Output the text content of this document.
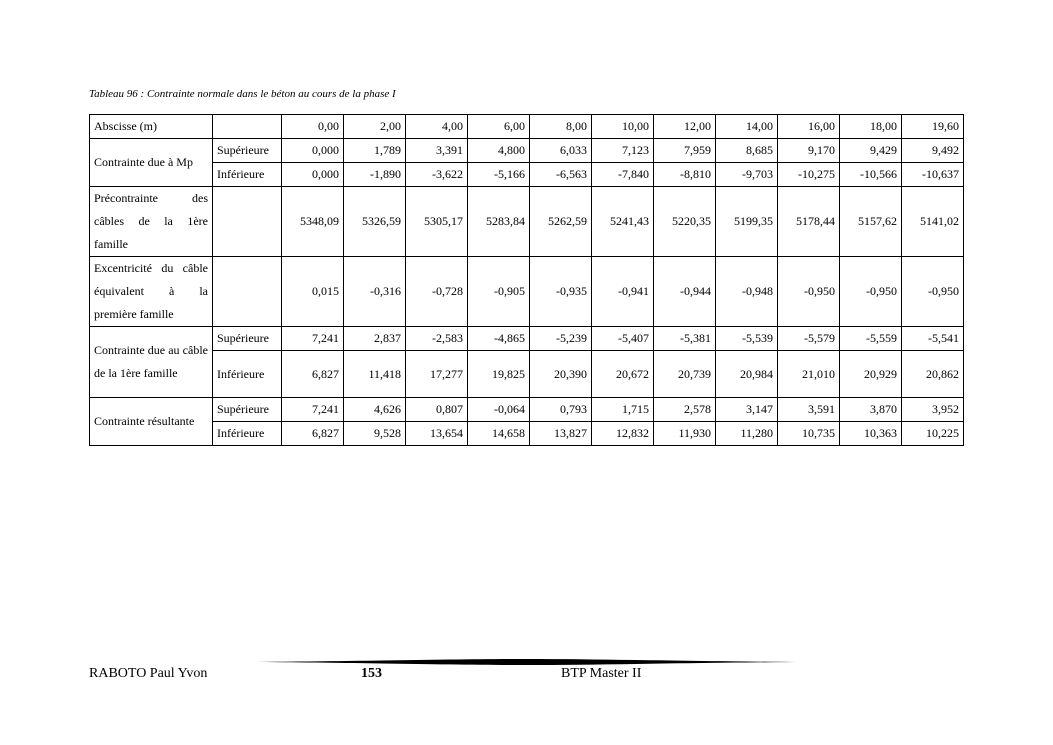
Tableau 96 : Contrainte normale dans le béton au cours de la phase I
Abscisse (m)		0,00	2,00	4,00	6,00	8,00	10,00	12,00	14,00	16,00	18,00	19,60
Contrainte due à Mp	Supérieure	0,000	1,789	3,391	4,800	6,033	7,123	7,959	8,685	9,170	9,429	9,492
	Inférieure	0,000	-1,890	-3,622	-5,166	-6,563	-7,840	-8,810	-9,703	-10,275	-10,566	-10,637
Précontrainte des câbles de la 1ère famille		5348,09	5326,59	5305,17	5283,84	5262,59	5241,43	5220,35	5199,35	5178,44	5157,62	5141,02
Excentricité du câble équivalent à la première famille		0,015	-0,316	-0,728	-0,905	-0,935	-0,941	-0,944	-0,948	-0,950	-0,950	-0,950
Contrainte due au câble de la 1ère famille	Supérieure	7,241	2,837	-2,583	-4,865	-5,239	-5,407	-5,381	-5,539	-5,579	-5,559	-5,541
	Inférieure	6,827	11,418	17,277	19,825	20,390	20,672	20,739	20,984	21,010	20,929	20,862
Contrainte résultante	Supérieure	7,241	4,626	0,807	-0,064	0,793	1,715	2,578	3,147	3,591	3,870	3,952
	Inférieure	6,827	9,528	13,654	14,658	13,827	12,832	11,930	11,280	10,735	10,363	10,225
RABOTO Paul Yvon	153	BTP Master II
